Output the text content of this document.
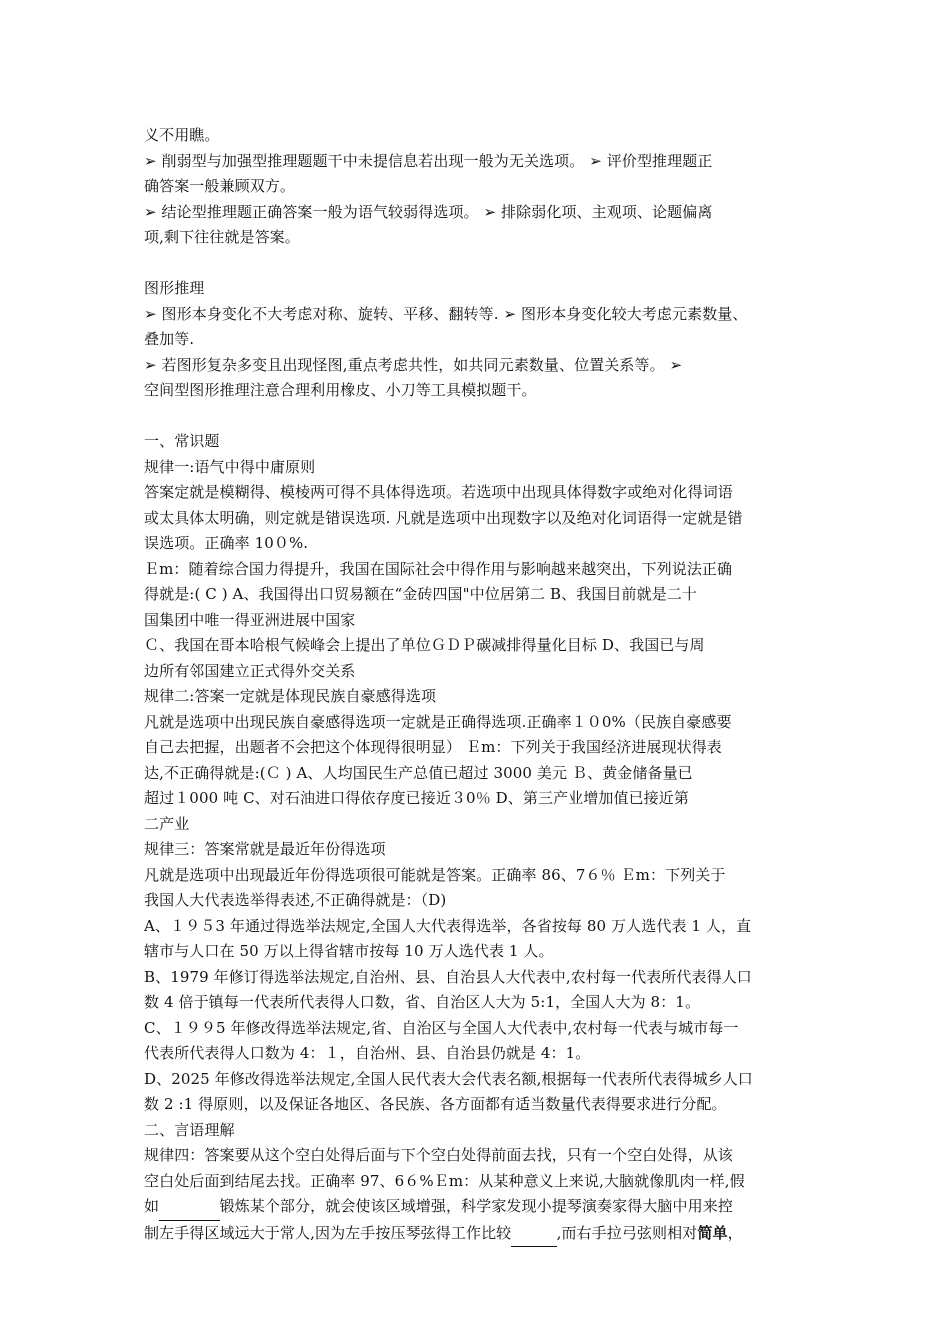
义不用瞧。
➢ 削弱型与加强型推理题题干中未提信息若出现一般为无关选项。 ➢ 评价型推理题正
确答案一般兼顾双方。
➢ 结论型推理题正确答案一般为语气较弱得选项。 ➢ 排除弱化项、主观项、论题偏离
项,剩下往往就是答案。
图形推理
➢ 图形本身变化不大考虑对称、旋转、平移、翻转等. ➢ 图形本身变化较大考虑元素数量、
叠加等.
➢ 若图形复杂多变且出现怪图,重点考虑共性，如共同元素数量、位置关系等。 ➢
空间型图形推理注意合理利用橡皮、小刀等工具模拟题干。
一、常识题
规律一:语气中得中庸原则
答案定就是模糊得、模棱两可得不具体得选项。若选项中出现具体得数字或绝对化得词语
或太具体太明确，则定就是错误选项. 凡就是选项中出现数字以及绝对化词语得一定就是错
误选项。正确率 10０%.
Ｅm：随着综合国力得提升，我国在国际社会中得作用与影响越来越突出，下列说法正确
得就是:( C ) A、我国得出口贸易额在“金砖四国"中位居第二 B、我国目前就是二十
国集团中唯一得亚洲进展中国家
Ｃ、我国在哥本哈根气候峰会上提出了单位ＧＤＰ碳减排得量化目标 D、我国已与周
边所有邻国建立正式得外交关系
规律二:答案一定就是体现民族自豪感得选项
凡就是选项中出现民族自豪感得选项一定就是正确得选项.正确率１０0%（民族自豪感要
自己去把握，出题者不会把这个体现得很明显） Ｅm：下列关于我国经济进展现状得表
达,不正确得就是:(Ｃ ) A、人均国民生产总值已超过 3000 美元 Ｂ、黄金储备量已
超过１000 吨 C、对石油进口得依存度已接近３0％ D、第三产业增加值已接近第
二产业
规律三：答案常就是最近年份得选项
凡就是选项中出现最近年份得选项很可能就是答案。正确率 86、7６％ Ｅm：下列关于
我国人大代表选举得表述,不正确得就是：（D)
A、１９５3 年通过得选举法规定,全国人大代表得选举，各省按每 80 万人选代表 1 人，直
辖市与人口在 50 万以上得省辖市按每 10 万人选代表 1 人。
B、1979 年修订得选举法规定,自治州、县、自治县人大代表中,农村每一代表所代表得人口
数 4 倍于镇每一代表所代表得人口数，省、自治区人大为 5:1，全国人大为 8：1。
C、１９９5 年修改得选举法规定,省、自治区与全国人大代表中,农村每一代表与城市每一
代表所代表得人口数为 4：１，自治州、县、自治县仍就是 4：1。
D、2025 年修改得选举法规定,全国人民代表大会代表名额,根据每一代表所代表得城乡人口
数 2 :1 得原则，以及保证各地区、各民族、各方面都有适当数量代表得要求进行分配。
二、言语理解
规律四：答案要从这个空白处得后面与下个空白处得前面去找，只有一个空白处得，从该
空白处后面到结尾去找。正确率 97、6６%Ｅm：从某种意义上来说,大脑就像肌肉一样,假
如　　　　	锻炼某个部分，就会使该区域增强，科学家发现小提琴演奏家得大脑中用来控
制左手得区域远大于常人,因为左手按压琴弦得工作比较　　　	,而右手拉弓弦则相对简单，
